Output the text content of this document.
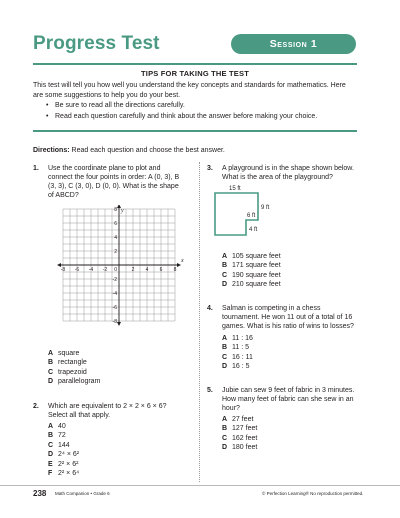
Progress Test	Session 1
TIPS FOR TAKING THE TEST
This test will tell you how well you understand the key concepts and standards for mathematics. Here are some suggestions to help you do your best.
• Be sure to read all the directions carefully.
• Read each question carefully and think about the answer before making your choice.
Directions: Read each question and choose the best answer.
1. Use the coordinate plane to plot and connect the four points in order: A (0, 3), B (3, 3), C (3, 0), D (0, 0). What is the shape of ABCD?
-8 -6 -4 -2	2 4 6 8
8
6
4
2
-2
-4
-6
-8
0
x
y
A square
B rectangle
C trapezoid
D parallelogram
2. Which are equivalent to 2 × 2 × 6 × 6? Select all that apply.
A 40
B 72
C 144
D 2⁴ × 6²
E 2² × 6²
F 2² × 6⁴
3. A playground is in the shape shown below. What is the area of the playground?
15 ft
9 ft
6 ft
4 ft
A 105 square feet
B 171 square feet
C 190 square feet
D 210 square feet
4. Salman is competing in a chess tournament. He won 11 out of a total of 16 games. What is his ratio of wins to losses?
A 11 : 16
B 11 : 5
C 16 : 11
D 16 : 5
5. Jubie can sew 9 feet of fabric in 3 minutes. How many feet of fabric can she sew in an hour?
A 27 feet
B 127 feet
C 162 feet
D 180 feet
238 Math Companion • Grade 6	© Perfection Learning® No reproduction permitted.
